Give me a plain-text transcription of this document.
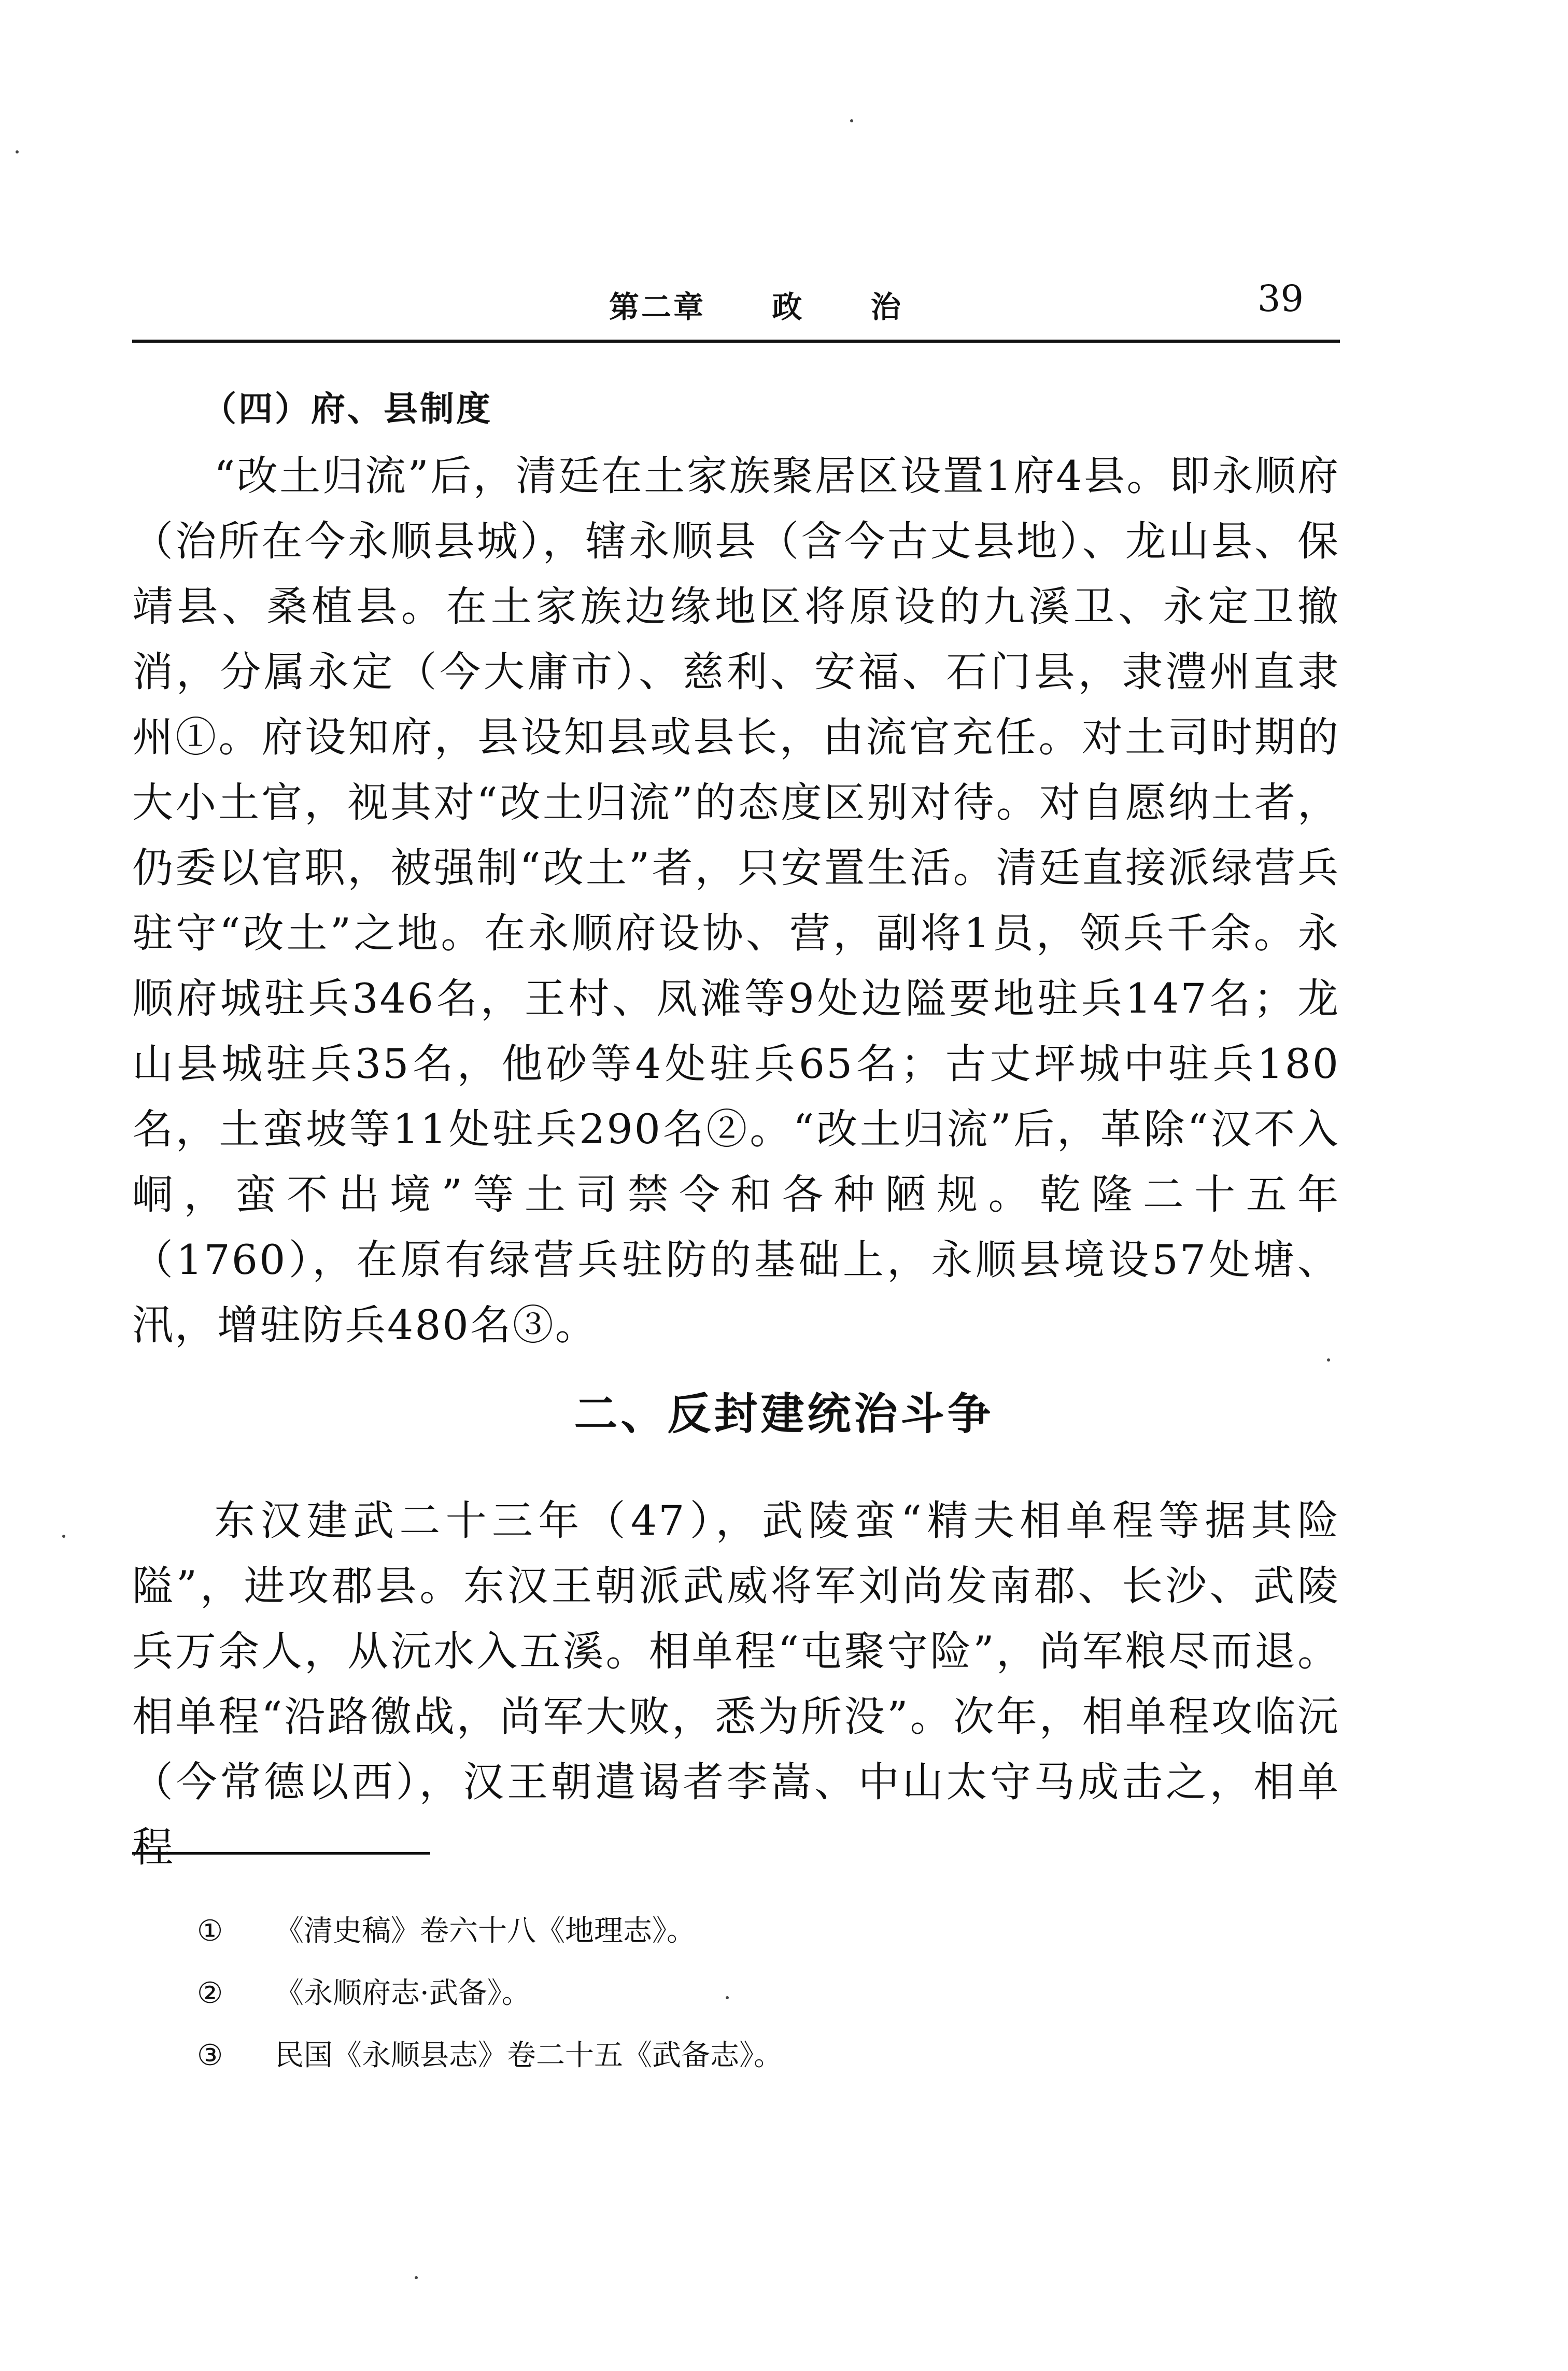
第二章  政  治	39
（四）府、县制度

“改土归流”后，清廷在土家族聚居区设置1府4县。即永顺府（治所在今永顺县城），辖永顺县（含今古丈县地）、龙山县、保靖县、桑植县。在土家族边缘地区将原设的九溪卫、永定卫撤消，分属永定（今大庸市）、慈利、安福、石门县，隶澧州直隶州①。府设知府，县设知县或县长，由流官充任。对土司时期的大小土官，视其对“改土归流”的态度区别对待。对自愿纳土者，仍委以官职，被强制“改土”者，只安置生活。清廷直接派绿营兵驻守“改土”之地。在永顺府设协、营，副将1员，领兵千余。永顺府城驻兵346名，王村、凤滩等9处边隘要地驻兵147名；龙山县城驻兵35名，他砂等4处驻兵65名；古丈坪城中驻兵180名，土蛮坡等11处驻兵290名②。“改土归流”后，革除“汉不入峒，蛮不出境”等土司禁令和各种陋规。乾隆二十五年（1760），在原有绿营兵驻防的基础上，永顺县境设57处塘、汛，增驻防兵480名③。

二、反封建统治斗争

东汉建武二十三年（47），武陵蛮“精夫相单程等据其险隘”，进攻郡县。东汉王朝派武威将军刘尚发南郡、长沙、武陵兵万余人，从沅水入五溪。相单程“屯聚守险”，尚军粮尽而退。相单程“沿路徼战，尚军大败，悉为所没”。次年，相单程攻临沅（今常德以西），汉王朝遣谒者李嵩、中山太守马成击之，相单程

① 《清史稿》卷六十八《地理志》。
② 《永顺府志·武备》。
③ 民国《永顺县志》卷二十五《武备志》。
